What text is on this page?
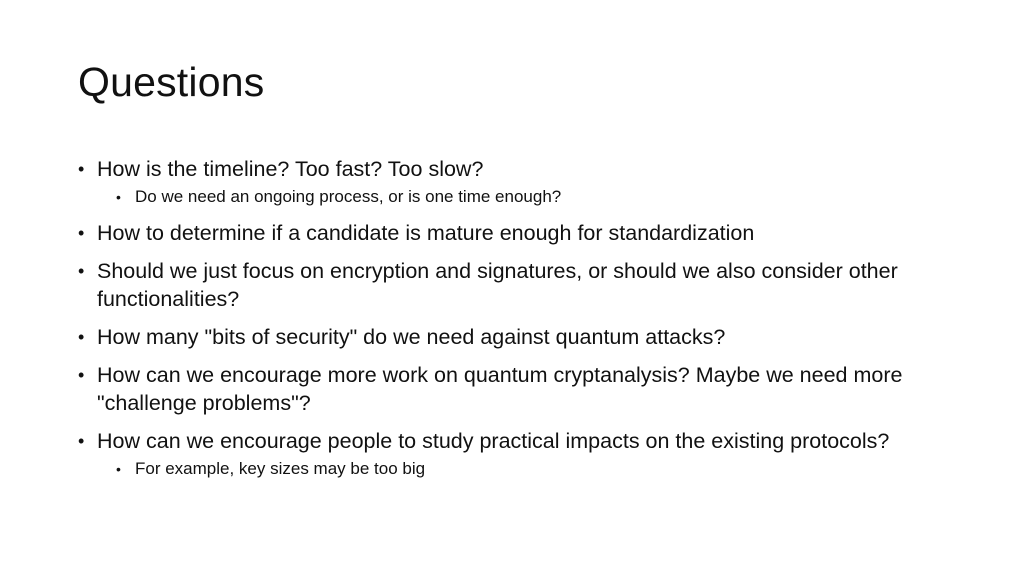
Questions
• How is the timeline? Too fast? Too slow?
• Do we need an ongoing process, or is one time enough?
• How to determine if a candidate is mature enough for standardization
• Should we just focus on encryption and signatures, or should we also consider other functionalities?
• How many "bits of security" do we need against quantum attacks?
• How can we encourage more work on quantum cryptanalysis? Maybe we need more "challenge problems"?
• How can we encourage people to study practical impacts on the existing protocols?
• For example, key sizes may be too big
